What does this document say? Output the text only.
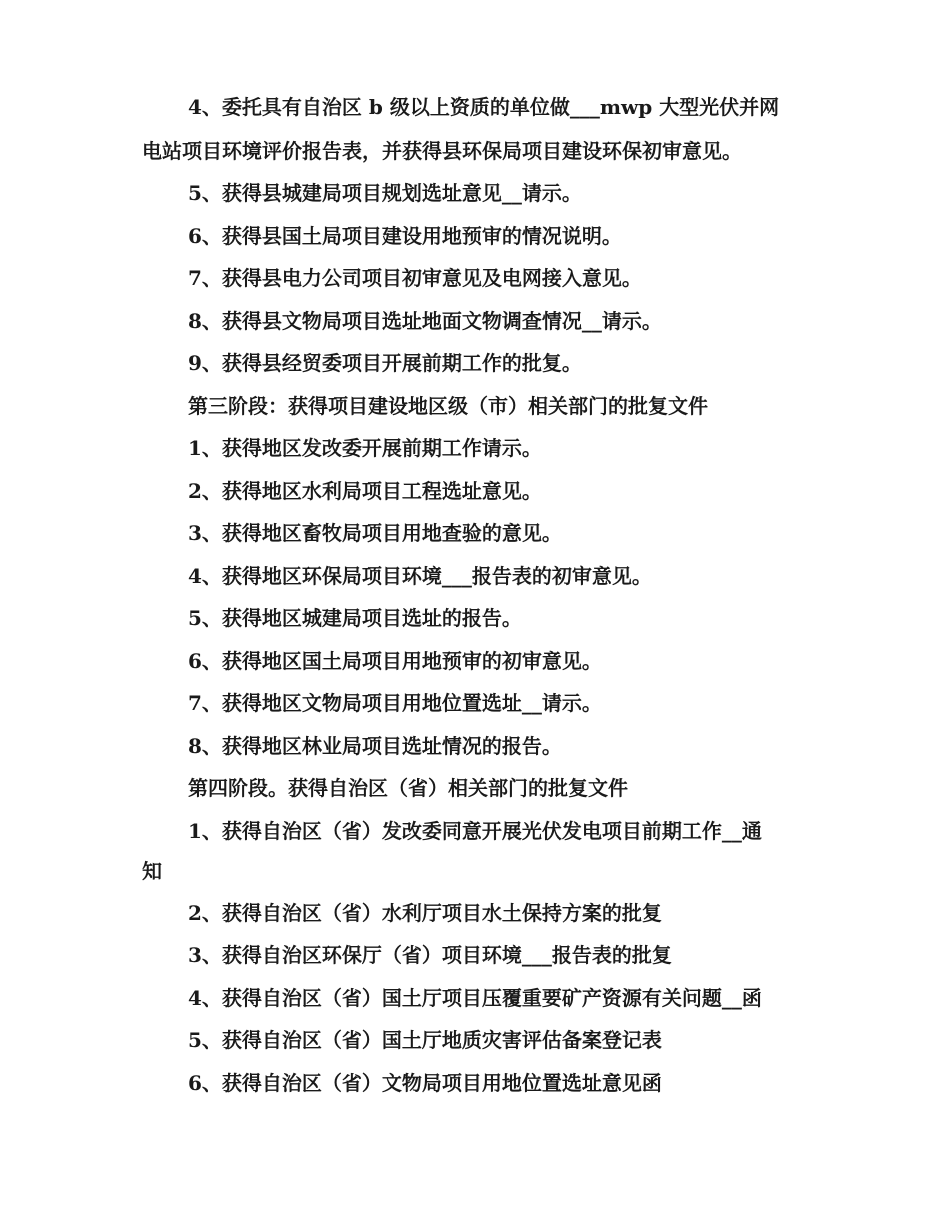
4、委托具有自治区 b 级以上资质的单位做___mwp 大型光伏并网
电站项目环境评价报告表，并获得县环保局项目建设环保初审意见。
5、获得县城建局项目规划选址意见__请示。
6、获得县国土局项目建设用地预审的情况说明。
7、获得县电力公司项目初审意见及电网接入意见。
8、获得县文物局项目选址地面文物调查情况__请示。
9、获得县经贸委项目开展前期工作的批复。
第三阶段：获得项目建设地区级（市）相关部门的批复文件
1、获得地区发改委开展前期工作请示。
2、获得地区水利局项目工程选址意见。
3、获得地区畜牧局项目用地查验的意见。
4、获得地区环保局项目环境___报告表的初审意见。
5、获得地区城建局项目选址的报告。
6、获得地区国土局项目用地预审的初审意见。
7、获得地区文物局项目用地位置选址__请示。
8、获得地区林业局项目选址情况的报告。
第四阶段。获得自治区（省）相关部门的批复文件
1、获得自治区（省）发改委同意开展光伏发电项目前期工作__通
知
2、获得自治区（省）水利厅项目水土保持方案的批复
3、获得自治区环保厅（省）项目环境___报告表的批复
4、获得自治区（省）国土厅项目压覆重要矿产资源有关问题__函
5、获得自治区（省）国土厅地质灾害评估备案登记表
6、获得自治区（省）文物局项目用地位置选址意见函
